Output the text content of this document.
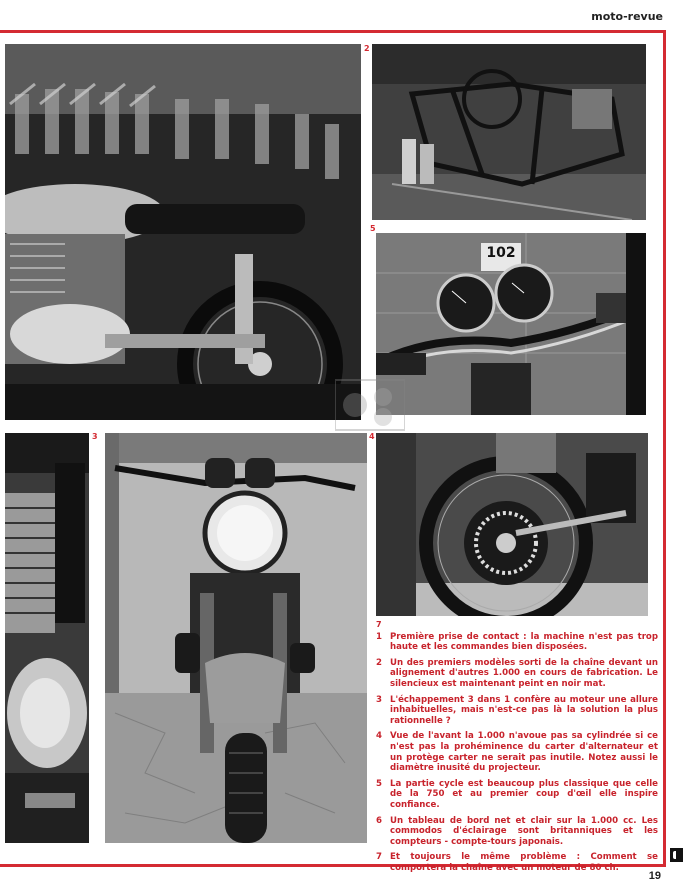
moto-revue
2
102
5
3	4
7
1 Première prise de contact : la machine n'est pas trop haute et les commandes bien disposées.
2 Un des premiers modèles sorti de la chaîne devant un alignement d'autres 1.000 en cours de fabrication. Le silencieux est maintenant peint en noir mat.
3 L'échappement 3 dans 1 confère au moteur une allure inhabituelles, mais n'est-ce pas là la solution la plus rationnelle ?
4 Vue de l'avant la 1.000 n'avoue pas sa cylindrée si ce n'est pas la prohéminence du carter d'alternateur et un protège carter ne serait pas inutile. Notez aussi le diamètre inusité du projecteur.
5 La partie cycle est beaucoup plus classique que celle de la 750 et au premier coup d'œil elle inspire confiance.
6 Un tableau de bord net et clair sur la 1.000 cc. Les commodos d'éclairage sont britanniques et les compteurs - compte-tours japonais.
7 Et toujours le même problème : Comment se comportera la chaîne avec un moteur de 80 ch.
19
